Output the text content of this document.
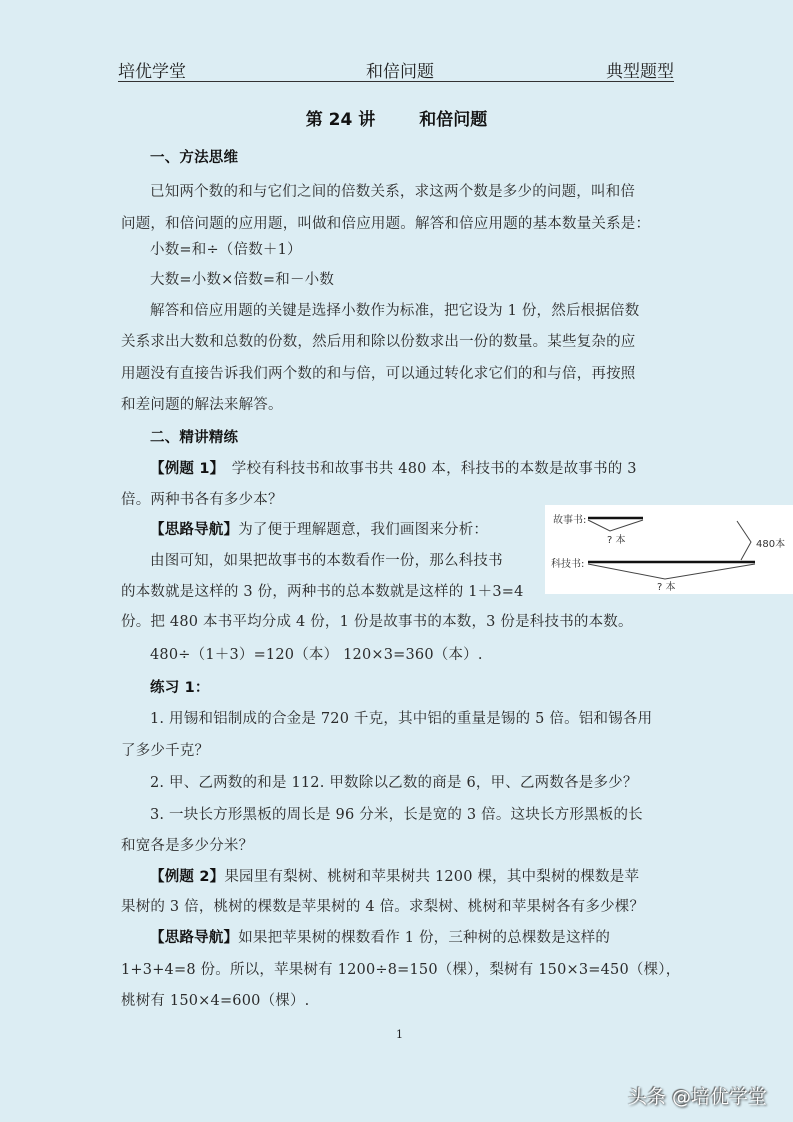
培优学堂	和倍问题	典型题型
第 24 讲	和倍问题
一、方法思维
已知两个数的和与它们之间的倍数关系，求这两个数是多少的问题，叫和倍
问题，和倍问题的应用题，叫做和倍应用题。解答和倍应用题的基本数量关系是：
小数=和÷（倍数＋1）
大数=小数×倍数=和－小数
解答和倍应用题的关键是选择小数作为标准，把它设为 1 份，然后根据倍数
关系求出大数和总数的份数，然后用和除以份数求出一份的数量。某些复杂的应
用题没有直接告诉我们两个数的和与倍，可以通过转化求它们的和与倍，再按照
和差问题的解法来解答。
二、精讲精练
【例题 1】　学校有科技书和故事书共 480 本，科技书的本数是故事书的 3
倍。两种书各有多少本？
【思路导航】为了便于理解题意，我们画图来分析：
由图可知，如果把故事书的本数看作一份，那么科技书
的本数就是这样的 3 份，两种书的总本数就是这样的 1＋3=4
份。把 480 本书平均分成 4 份，1 份是故事书的本数，3 份是科技书的本数。
480÷（1＋3）=120（本） 120×3=360（本）.
故事书:
? 本
科技书:
? 本
480本
练习 1：
1. 用锡和铝制成的合金是 720 千克，其中铝的重量是锡的 5 倍。铝和锡各用
了多少千克？
2. 甲、乙两数的和是 112. 甲数除以乙数的商是 6，甲、乙两数各是多少？
3. 一块长方形黑板的周长是 96 分米，长是宽的 3 倍。这块长方形黑板的长
和宽各是多少分米？
【例题 2】果园里有梨树、桃树和苹果树共 1200 棵，其中梨树的棵数是苹
果树的 3 倍，桃树的棵数是苹果树的 4 倍。求梨树、桃树和苹果树各有多少棵？
【思路导航】如果把苹果树的棵数看作 1 份，三种树的总棵数是这样的
1+3+4=8 份。所以，苹果树有 1200÷8=150（棵），梨树有 150×3=450（棵），
桃树有 150×4=600（棵）.
1
头条 @培优学堂
